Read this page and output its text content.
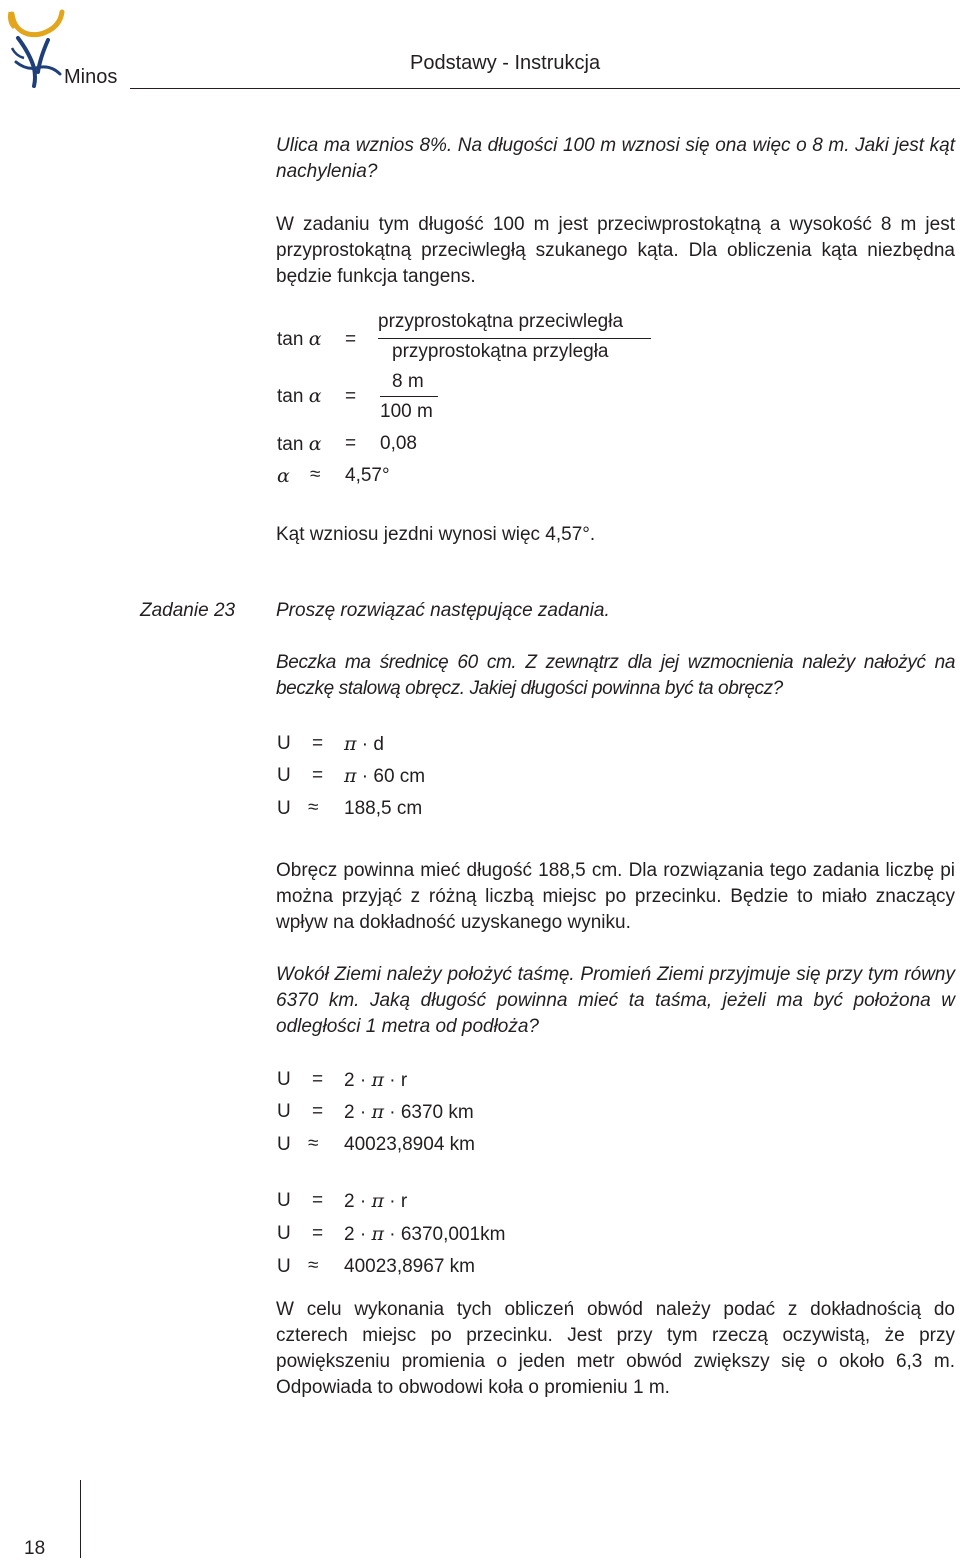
Minos
Podstawy - Instrukcja
Ulica ma wznios 8%. Na długości 100 m wznosi się ona więc o 8 m. Jaki jest kąt nachylenia?
W zadaniu tym długość 100 m jest przeciwprostokątną a wysokość 8 m jest przyprostokątną przeciwległą szukanego kąta. Dla obliczenia kąta niezbędna będzie funkcja tangens.
tan α =
przyprostokątna przeciwległa
przyprostokątna przyległa
tan α =
8 m
100 m
tan α = 0,08
α ≈ 4,57°
Kąt wzniosu jezdni wynosi więc 4,57°.
Zadanie 23 Proszę rozwiązać następujące zadania.
Beczka ma średnicę 60 cm. Z zewnątrz dla jej wzmocnienia należy nałożyć na beczkę stalową obręcz. Jakiej długości powinna być ta obręcz?
U = π · d
U = π · 60 cm
U ≈ 188,5 cm
Obręcz powinna mieć długość 188,5 cm. Dla rozwiązania tego zadania liczbę pi można przyjąć z różną liczbą miejsc po przecinku. Będzie to miało znaczący wpływ na dokładność uzyskanego wyniku.
Wokół Ziemi należy położyć taśmę. Promień Ziemi przyjmuje się przy tym równy 6370 km. Jaką długość powinna mieć ta taśma, jeżeli ma być położona w odległości 1 metra od podłoża?
U = 2 · π · r
U = 2 · π · 6370 km
U ≈ 40023,8904 km
U = 2 · π · r
U = 2 · π · 6370,001km
U ≈ 40023,8967 km
W celu wykonania tych obliczeń obwód należy podać z dokładnością do czterech miejsc po przecinku. Jest przy tym rzeczą oczywistą, że przy powiększeniu promienia o jeden metr obwód zwiększy się o około 6,3 m. Odpowiada to obwodowi koła o promieniu 1 m.
18
